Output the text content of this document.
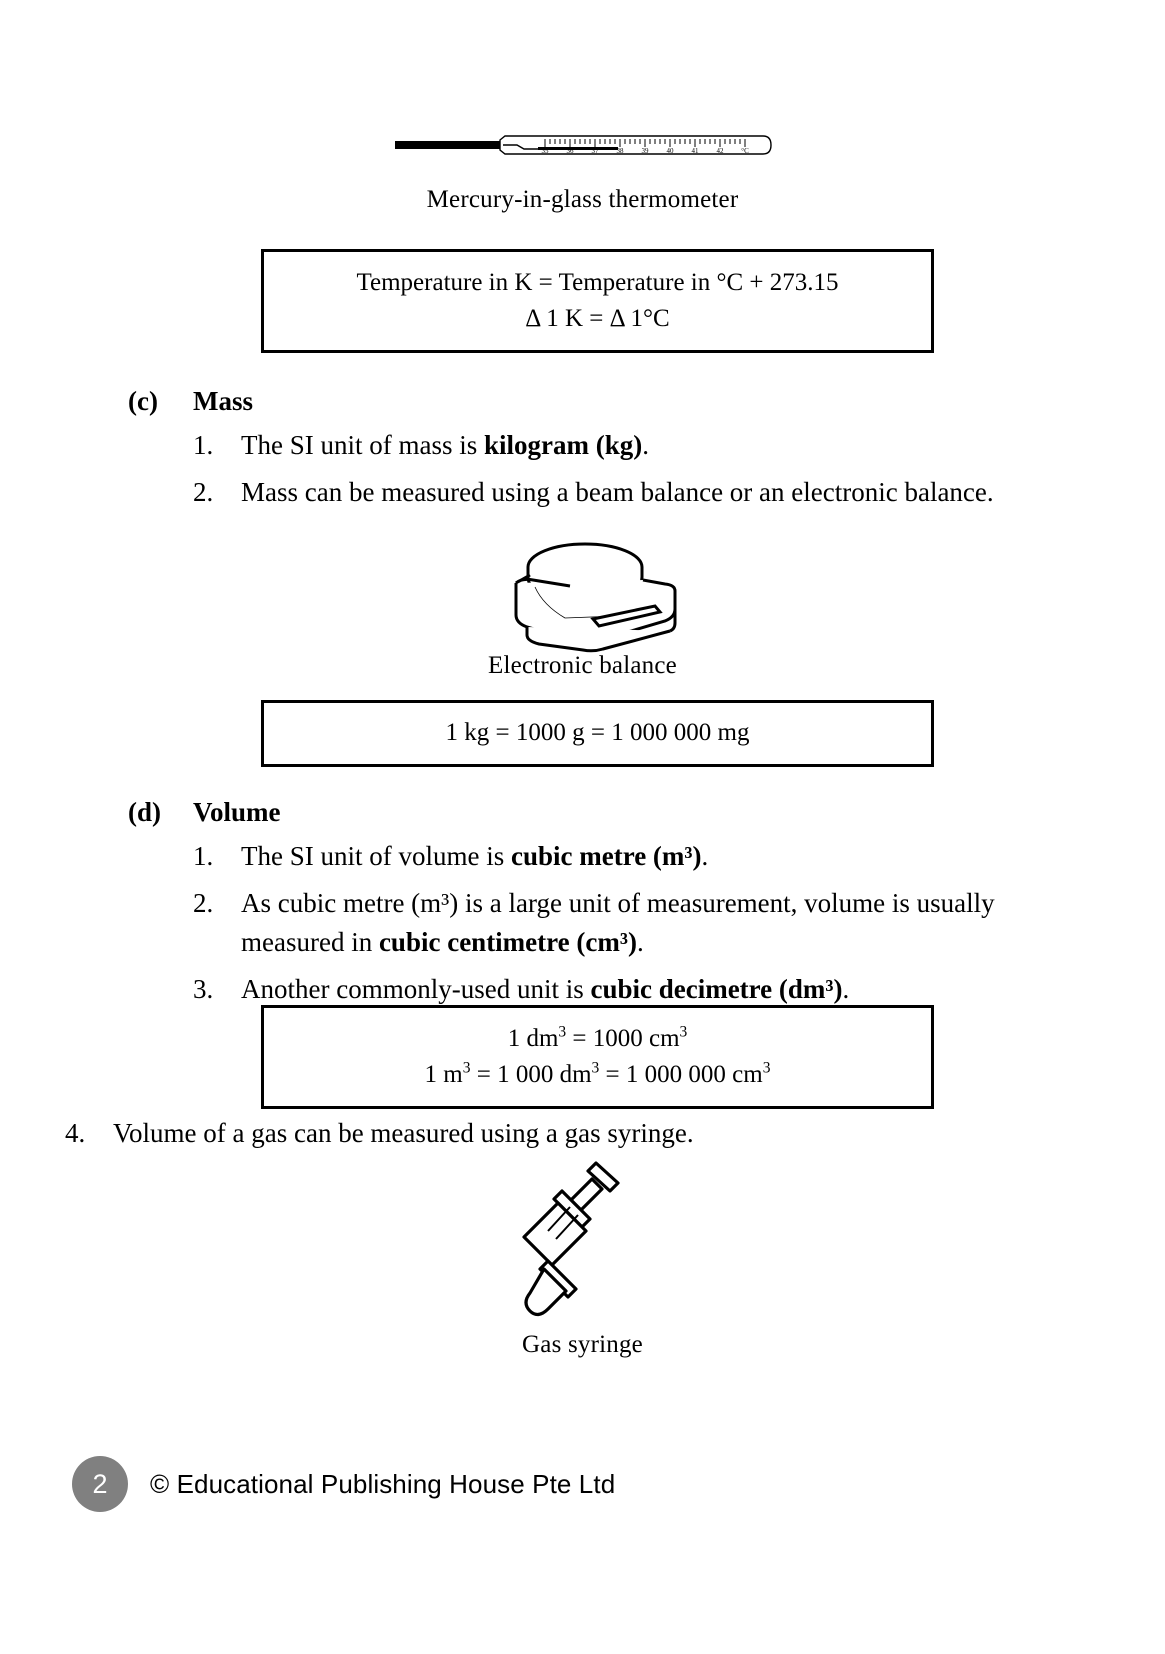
35	36	37	38	39	40	41	42	°C
Mercury-in-glass thermometer
Temperature in K = Temperature in °C + 273.15
Δ 1 K = Δ 1°C
(c)	Mass
1.	The SI unit of mass is kilogram (kg).
2.	Mass can be measured using a beam balance or an electronic balance.
Electronic balance
1 kg = 1000 g = 1 000 000 mg
(d)	Volume
1.	The SI unit of volume is cubic metre (m³).
2.	As cubic metre (m³) is a large unit of measurement, volume is usually measured in cubic centimetre (cm³).
3.	Another commonly-used unit is cubic decimetre (dm³).
1 $dm^3 = 1000$ $cm^3$
1 $m^3 = 1$ 000 $dm^3 = 1$ 000 000 $cm^3$
4.	Volume of a gas can be measured using a gas syringe.
Gas syringe
2	© Educational Publishing House Pte Ltd
